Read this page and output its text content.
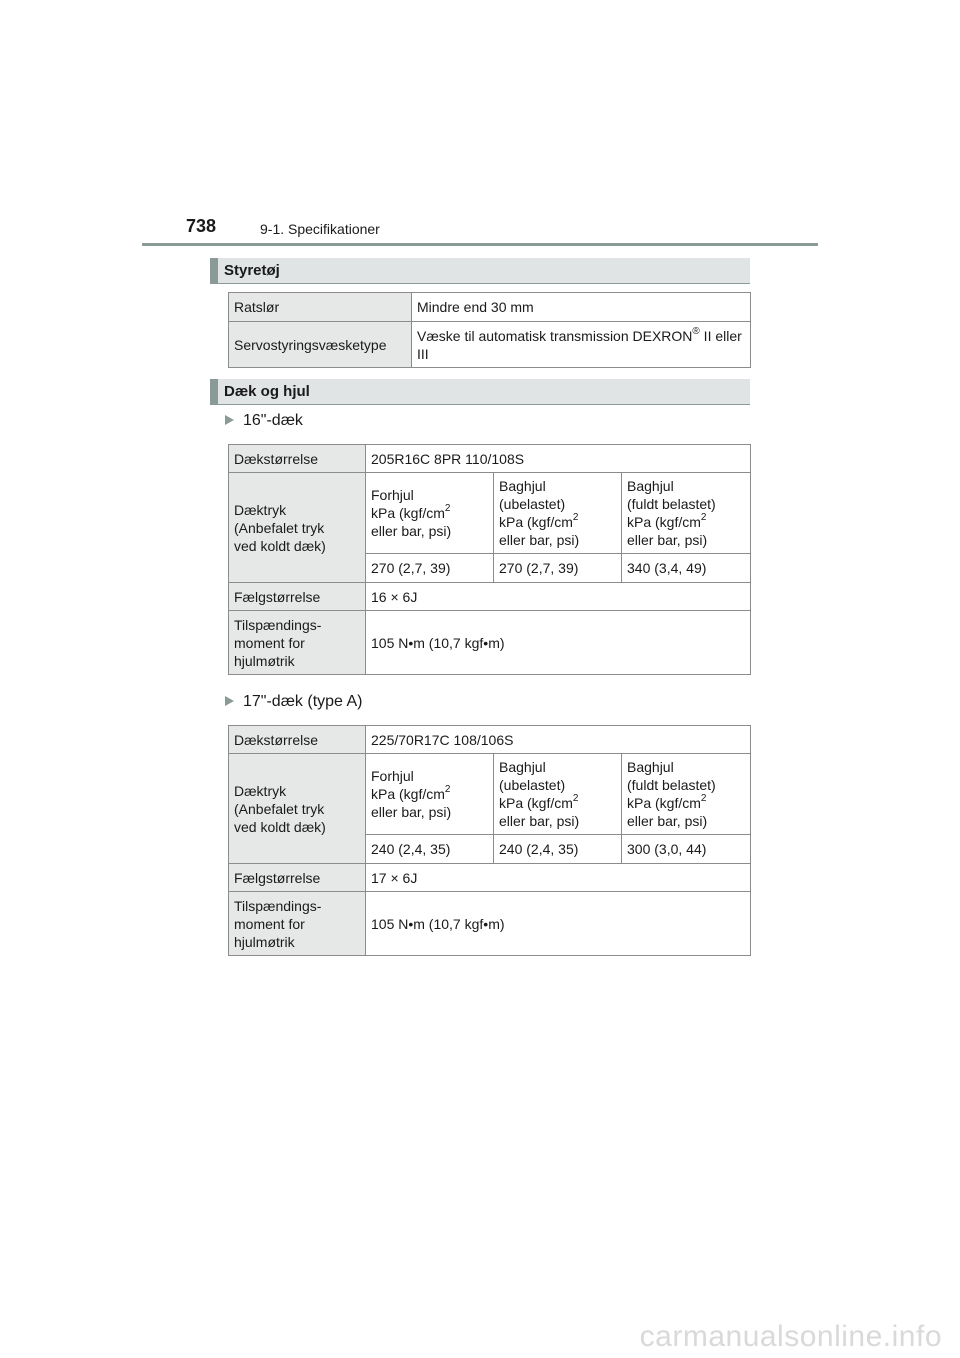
738	9-1. Specifikationer
Styretøj
Ratslør	Mindre end 30 mm
Servostyringsvæsketype	Væske til automatisk transmission DEXRON® II eller III
Dæk og hjul
16"-dæk
Dækstørrelse	205R16C 8PR 110/108S		
Dæktryk
(Anbefalet tryk
ved koldt dæk)	Forhjul
kPa ($kgf/cm^2$
eller bar, psi)	Baghjul
(ubelastet)
kPa ($kgf/cm^2$
eller bar, psi)	Baghjul
(fuldt belastet)
kPa ($kgf/cm^2$
eller bar, psi)
	270 (2,7, 39)	270 (2,7, 39)	340 (3,4, 49)
Fælgstørrelse	16 × 6J		
Tilspændings-
moment for
hjulmøtrik	105 N•m (10,7 kgf•m)		
17"-dæk (type A)
Dækstørrelse	225/70R17C 108/106S		
Dæktryk
(Anbefalet tryk
ved koldt dæk)	Forhjul
kPa ($kgf/cm^2$
eller bar, psi)	Baghjul
(ubelastet)
kPa ($kgf/cm^2$
eller bar, psi)	Baghjul
(fuldt belastet)
kPa ($kgf/cm^2$
eller bar, psi)
	240 (2,4, 35)	240 (2,4, 35)	300 (3,0, 44)
Fælgstørrelse	17 × 6J		
Tilspændings-
moment for
hjulmøtrik	105 N•m (10,7 kgf•m)		
carmanualsonline.info
